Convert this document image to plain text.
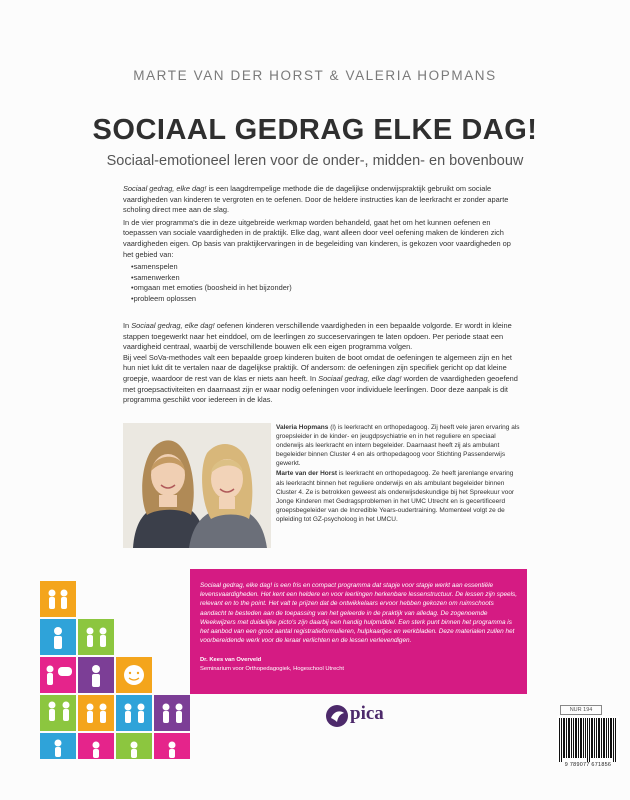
MARTE VAN DER HORST & VALERIA HOPMANS
SOCIAAL GEDRAG ELKE DAG!
Sociaal-emotioneel leren voor de onder-, midden- en bovenbouw

Sociaal gedrag, elke dag! is een laagdrempelige methode die de dagelijkse onderwijspraktijk gebruikt om sociale vaardigheden van kinderen te vergroten en te oefenen. Door de heldere instructies kan de leerkracht er zonder aparte scholing direct mee aan de slag.

In de vier programma's die in deze uitgebreide werkmap worden behandeld, gaat het om het kunnen oefenen en toepassen van sociale vaardigheden in de praktijk. Elke dag, want alleen door veel oefening maken de kinderen zich vaardigheden eigen. Op basis van praktijkervaringen in de begeleiding van kinderen, is gekozen voor vaardigheden op het gebied van:

• samenspelen
• samenwerken
• omgaan met emoties (boosheid in het bijzonder)
• probleem oplossen

In Sociaal gedrag, elke dag! oefenen kinderen verschillende vaardigheden in een bepaalde volgorde. Er wordt in kleine stappen toegewerkt naar het einddoel, om de leerlingen zo succeservaringen te laten opdoen. Per periode staat een vaardigheid centraal, waarbij de verschillende bouwen elk een eigen programma volgen.

Bij veel SoVa-methodes valt een bepaalde groep kinderen buiten de boot omdat de oefeningen te algemeen zijn en het hun niet lukt dit te vertalen naar de dagelijkse praktijk. Of andersom: de oefeningen zijn specifiek gericht op dat kleine groepje, waardoor de rest van de klas er niets aan heeft. In Sociaal gedrag, elke dag! worden de vaardigheden geoefend met groepsactiviteiten en daarnaast zijn er waar nodig oefeningen voor individuele leerlingen. Door deze aanpak is dit programma geschikt voor iedereen in de klas.

Valeria Hopmans (l) is leerkracht en orthopedagoog. Zij heeft vele jaren ervaring als groepsleider in de kinder- en jeugdpsychiatrie en in het reguliere en speciaal onderwijs als leerkracht en intern begeleider. Daarnaast heeft zij als ambulant begeleider binnen Cluster 4 en als orthopedagoog voor Stichting Passenderwijs gewerkt.

Marte van der Horst is leerkracht en orthopedagoog. Ze heeft jarenlange ervaring als leerkracht binnen het reguliere onderwijs en als ambulant begeleider binnen Cluster 4. Ze is betrokken geweest als onderwijsdeskundige bij het Spreekuur voor Jonge Kinderen met Gedragsproblemen in het UMC Utrecht en is gecertificeerd groepsbegeleider van de Incredible Years-oudertraining. Momenteel volgt ze de opleiding tot GZ-psycholoog in het UMCU.

Sociaal gedrag, elke dag! is een fris en compact programma dat stapje voor stapje werkt aan essentiële levensvaardigheden. Het kent een heldere en voor leerlingen herkenbare lessenstructuur. De lessen zijn speels, relevant en to the point. Het valt te prijzen dat de ontwikkelaars ervoor hebben gekozen om ruimschoots aandacht te besteden aan de toepassing van het geleerde in de praktijk van alledag. De zogenoemde Weekwijzers met duidelijke picto's zijn daarbij een handig hulpmiddel. Een sterk punt binnen het programma is het aanbod van een groot aantal registratieformulieren, hulpkaartjes en werkbladen. Deze materialen zullen het voorbereidende werk voor de leraar verlichten en de lessen verlevendigen.
Dr. Kees van Overveld
Seminarium voor Orthopedagogiek, Hogeschool Utrecht
pica	NUR 194
9 789077 671856
